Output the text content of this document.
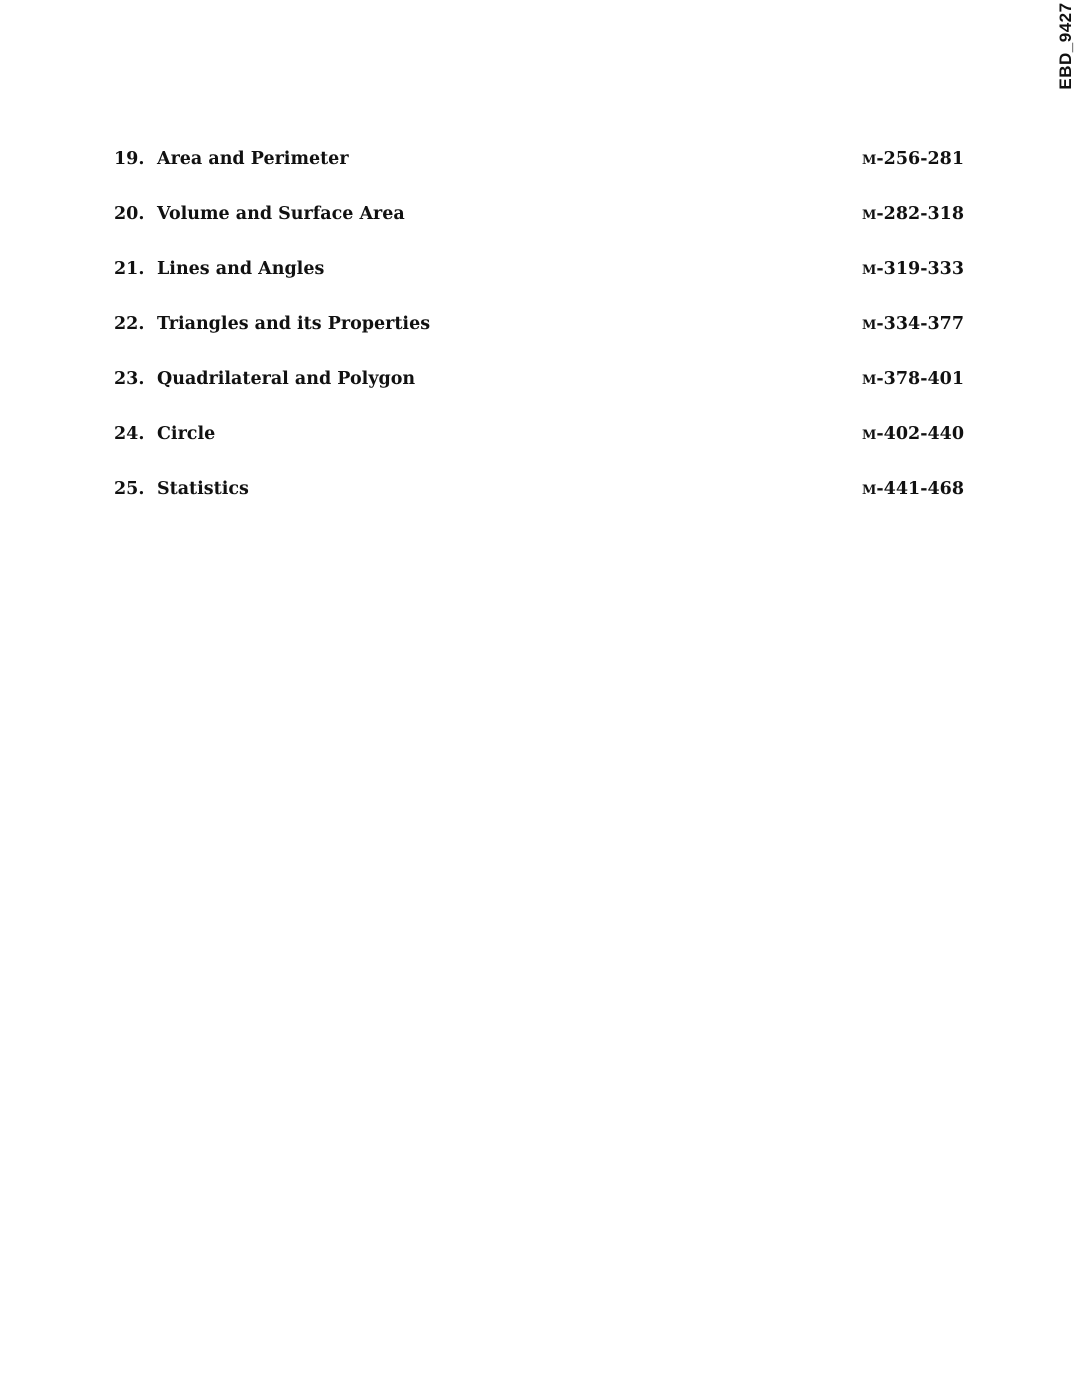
EBD_9427
19. Area and Perimeter	M-256-281
20. Volume and Surface Area	M-282-318
21. Lines and Angles	M-319-333
22. Triangles and its Properties	M-334-377
23. Quadrilateral and Polygon	M-378-401
24. Circle	M-402-440
25. Statistics	M-441-468
